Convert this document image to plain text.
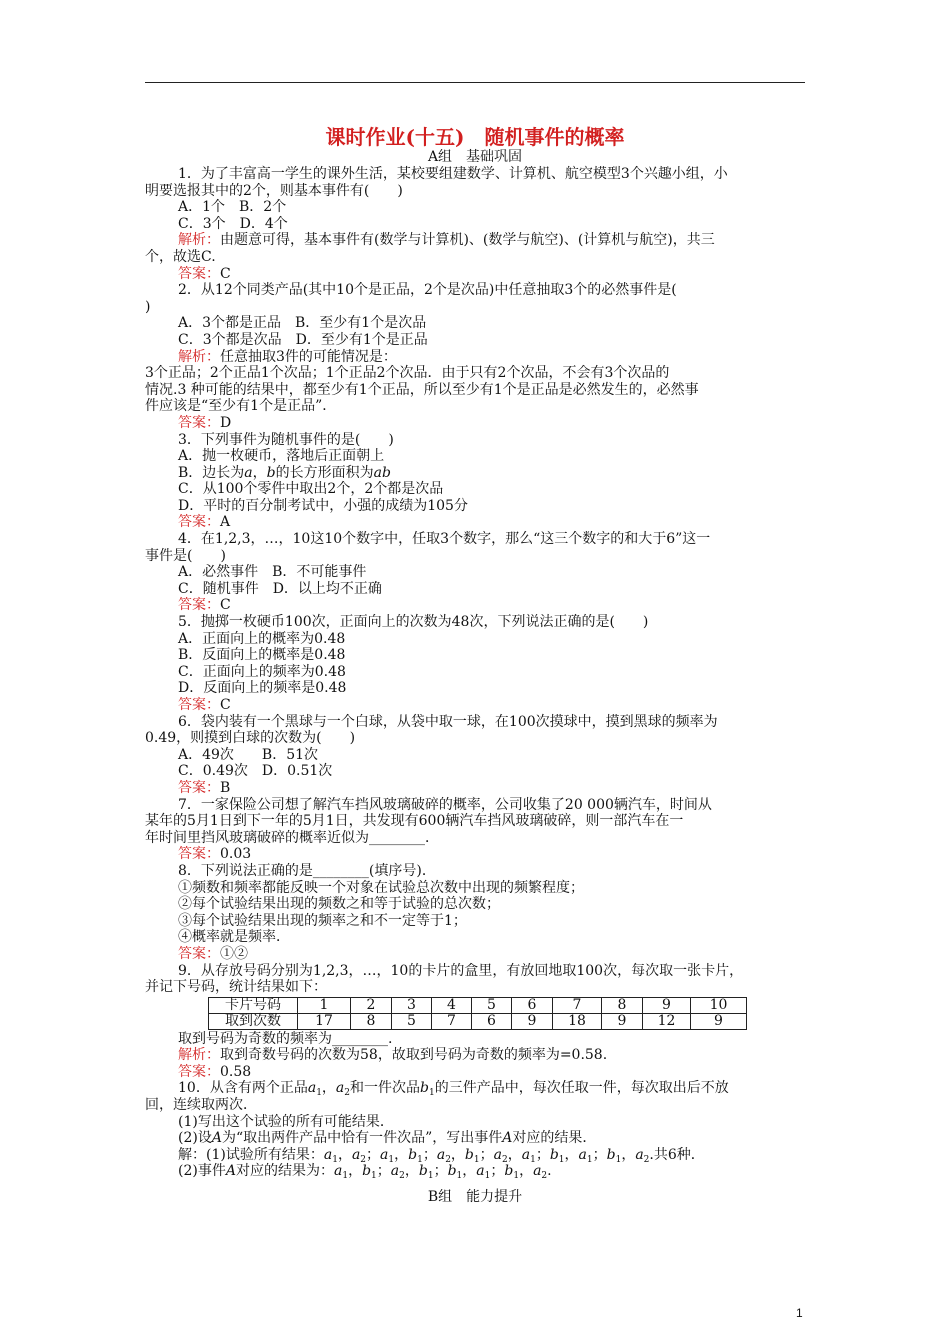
课时作业(十五)　随机事件的概率
A组　基础巩固
1．为了丰富高一学生的课外生活，某校要组建数学、计算机、航空模型3个兴趣小组，小
明要选报其中的2个，则基本事件有(　　)
A．1个　B．2个
C．3个　D．4个
解析：由题意可得，基本事件有(数学与计算机)、(数学与航空)、(计算机与航空)，共三
个，故选C.
答案：C
2．从12个同类产品(其中10个是正品，2个是次品)中任意抽取3个的必然事件是(
)
A．3个都是正品　B．至少有1个是次品
C．3个都是次品　D．至少有1个是正品
解析：任意抽取3件的可能情况是：
3个正品；2个正品1个次品；1个正品2个次品．由于只有2个次品，不会有3个次品的
情况.3 种可能的结果中，都至少有1个正品，所以至少有1个是正品是必然发生的，必然事
件应该是“至少有1个是正品”．
答案：D
3．下列事件为随机事件的是(　　)
A．抛一枚硬币，落地后正面朝上
B．边长为a，b的长方形面积为ab
C．从100个零件中取出2个，2个都是次品
D．平时的百分制考试中，小强的成绩为105分
答案：A
4．在1,2,3，…，10这10个数字中，任取3个数字，那么“这三个数字的和大于6”这一
事件是(　　)
A．必然事件　B．不可能事件
C．随机事件　D．以上均不正确
答案：C
5．抛掷一枚硬币100次，正面向上的次数为48次，下列说法正确的是(　　)
A．正面向上的概率为0.48
B．反面向上的概率是0.48
C．正面向上的频率为0.48
D．反面向上的频率是0.48
答案：C
6．袋内装有一个黑球与一个白球，从袋中取一球，在100次摸球中，摸到黑球的频率为
0.49，则摸到白球的次数为(　　)
A．49次　　B．51次
C．0.49次　D．0.51次
答案：B
7．一家保险公司想了解汽车挡风玻璃破碎的概率，公司收集了20 000辆汽车，时间从
某年的5月1日到下一年的5月1日，共发现有600辆汽车挡风玻璃破碎，则一部汽车在一
年时间里挡风玻璃破碎的概率近似为________．
答案：0.03
8．下列说法正确的是________(填序号)．
①频数和频率都能反映一个对象在试验总次数中出现的频繁程度；
②每个试验结果出现的频数之和等于试验的总次数；
③每个试验结果出现的频率之和不一定等于1；
④概率就是频率．
答案：①②
9．从存放号码分别为1,2,3，…，10的卡片的盒里，有放回地取100次，每次取一张卡片，
并记下号码，统计结果如下：
卡片号码	1	2	3	4	5	6	7	8	9	10
取到次数	17	8	5	7	6	9	18	9	12	9
取到号码为奇数的频率为________.
解析：取到奇数号码的次数为58，故取到号码为奇数的频率为=0.58.
答案：0.58
10．从含有两个正品$a_1$，$a_2$和一件次品$b_1$的三件产品中，每次任取一件，每次取出后不放
回，连续取两次．
(1)写出这个试验的所有可能结果．
(2)设A为“取出两件产品中恰有一件次品”，写出事件A对应的结果．
解：(1)试验所有结果：$a_1$，$a_2$；$a_1$，$b_1$；$a_2$，$b_1$；$a_2$，$a_1$；$b_1$，$a_1$；$b_1$，$a_2$.共6种．
(2)事件A对应的结果为：$a_1$，$b_1$；$a_2$，$b_1$；$b_1$，$a_1$；$b_1$，$a_2$.
B组　能力提升
1
